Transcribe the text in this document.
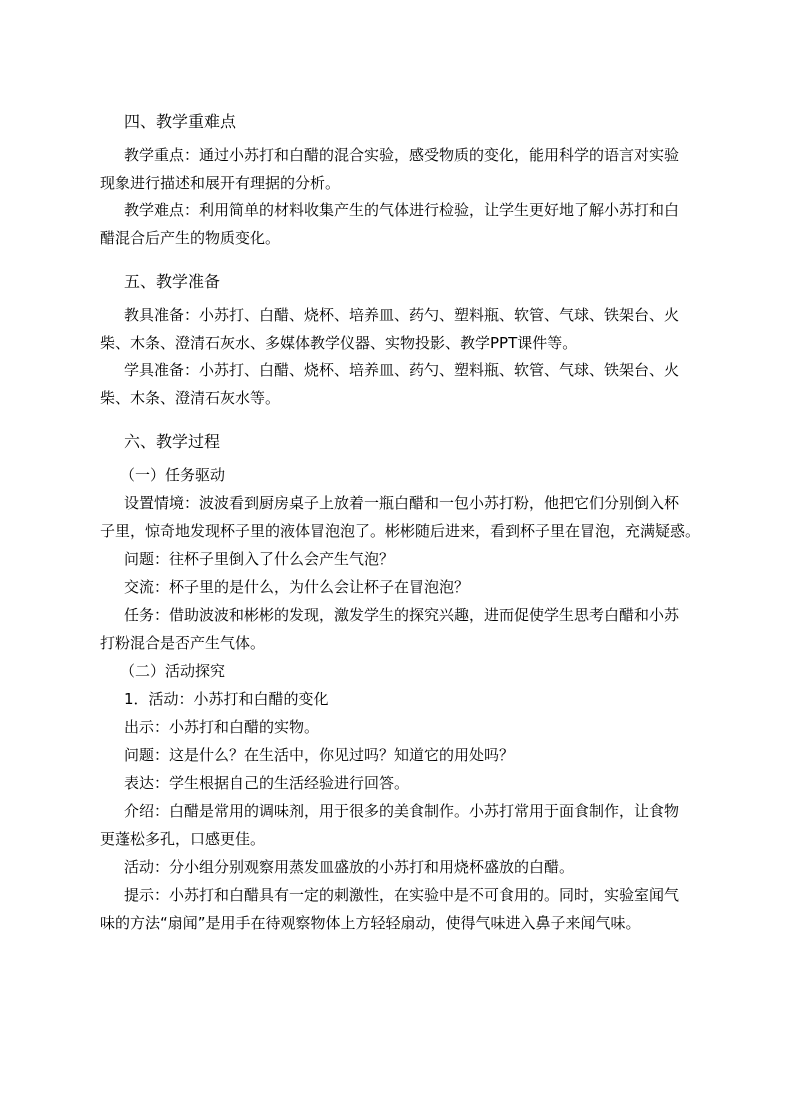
四、教学重难点
教学重点：通过小苏打和白醋的混合实验，感受物质的变化，能用科学的语言对实验
现象进行描述和展开有理据的分析。
教学难点：利用简单的材料收集产生的气体进行检验，让学生更好地了解小苏打和白
醋混合后产生的物质变化。
五、教学准备
教具准备：小苏打、白醋、烧杯、培养皿、药勺、塑料瓶、软管、气球、铁架台、火
柴、木条、澄清石灰水、多媒体教学仪器、实物投影、教学PPT课件等。
学具准备：小苏打、白醋、烧杯、培养皿、药勺、塑料瓶、软管、气球、铁架台、火
柴、木条、澄清石灰水等。
六、教学过程
（一）任务驱动
设置情境：波波看到厨房桌子上放着一瓶白醋和一包小苏打粉，他把它们分别倒入杯
子里，惊奇地发现杯子里的液体冒泡泡了。彬彬随后进来，看到杯子里在冒泡，充满疑惑。
问题：往杯子里倒入了什么会产生气泡？
交流：杯子里的是什么，为什么会让杯子在冒泡泡？
任务：借助波波和彬彬的发现，激发学生的探究兴趣，进而促使学生思考白醋和小苏
打粉混合是否产生气体。
（二）活动探究
1．活动：小苏打和白醋的变化
出示：小苏打和白醋的实物。
问题：这是什么？在生活中，你见过吗？知道它的用处吗？
表达：学生根据自己的生活经验进行回答。
介绍：白醋是常用的调味剂，用于很多的美食制作。小苏打常用于面食制作，让食物
更蓬松多孔，口感更佳。
活动：分小组分别观察用蒸发皿盛放的小苏打和用烧杯盛放的白醋。
提示：小苏打和白醋具有一定的刺激性，在实验中是不可食用的。同时，实验室闻气
味的方法“扇闻”是用手在待观察物体上方轻轻扇动，使得气味进入鼻子来闻气味。
